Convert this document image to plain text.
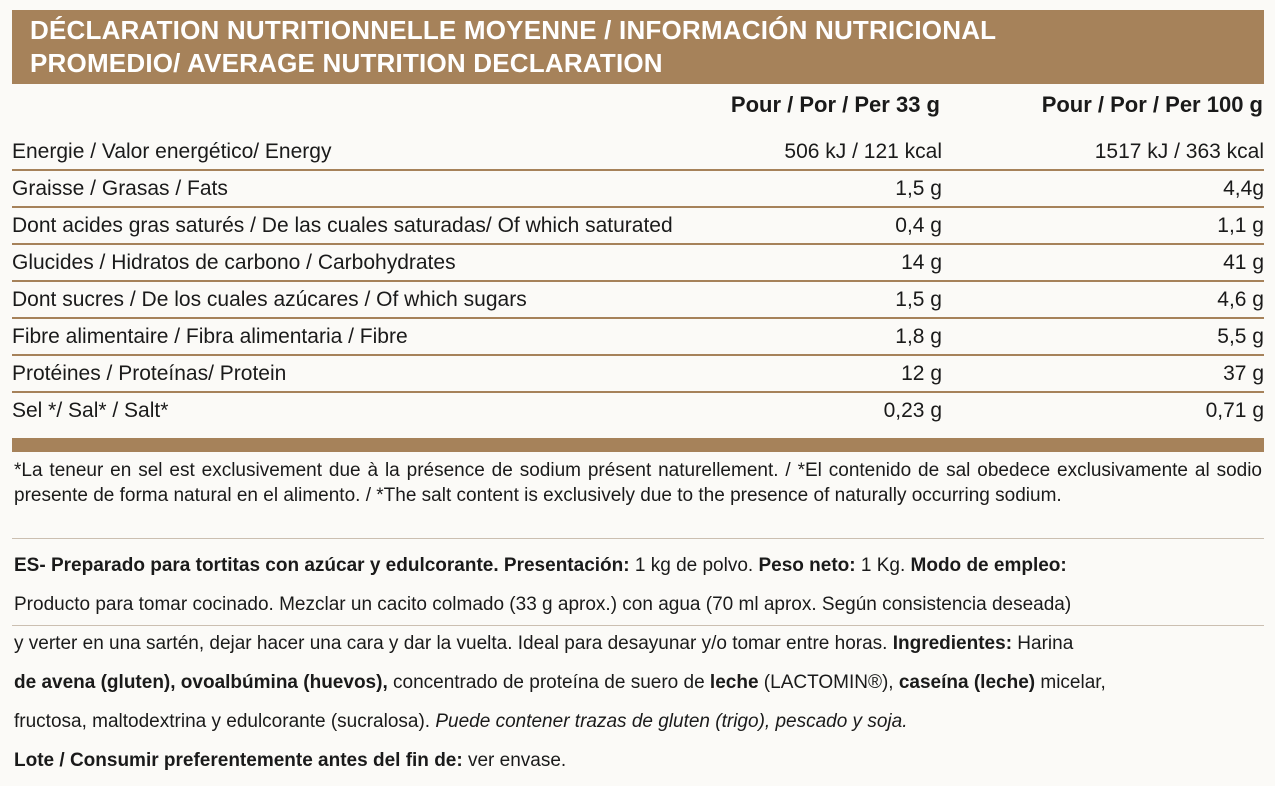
DÉCLARATION NUTRITIONNELLE MOYENNE / INFORMACIÓN NUTRICIONAL
PROMEDIO/ AVERAGE NUTRITION DECLARATION
Pour / Por / Per 33 g	Pour / Por / Per 100 g
Energie / Valor energético/ Energy	506 kJ / 121 kcal	1517 kJ / 363 kcal
Graisse / Grasas / Fats	1,5 g	4,4g
Dont acides gras saturés / De las cuales saturadas/ Of which saturated	0,4 g	1,1 g
Glucides / Hidratos de carbono / Carbohydrates	14 g	41 g
Dont sucres / De los cuales azúcares / Of which sugars	1,5 g	4,6 g
Fibre alimentaire / Fibra alimentaria / Fibre	1,8 g	5,5 g
Protéines / Proteínas/ Protein	12 g	37 g
Sel */ Sal* / Salt*	0,23 g	0,71 g
*La teneur en sel est exclusivement due à la présence de sodium présent naturellement. / *El contenido de sal obedece exclusivamente al sodio presente de forma natural en el alimento. / *The salt content is exclusively due to the presence of naturally occurring sodium.

ES- Preparado para tortitas con azúcar y edulcorante. Presentación: 1 kg de polvo. Peso neto: 1 Kg. Modo de empleo:

Producto para tomar cocinado. Mezclar un cacito colmado (33 g aprox.) con agua (70 ml aprox. Según consistencia deseada)

y verter en una sartén, dejar hacer una cara y dar la vuelta. Ideal para desayunar y/o tomar entre horas. Ingredientes: Harina

de avena (gluten), ovoalbúmina (huevos), concentrado de proteína de suero de leche (LACTOMIN®), caseína (leche) micelar,

fructosa, maltodextrina y edulcorante (sucralosa). Puede contener trazas de gluten (trigo), pescado y soja.

Lote / Consumir preferentemente antes del fin de: ver envase.
